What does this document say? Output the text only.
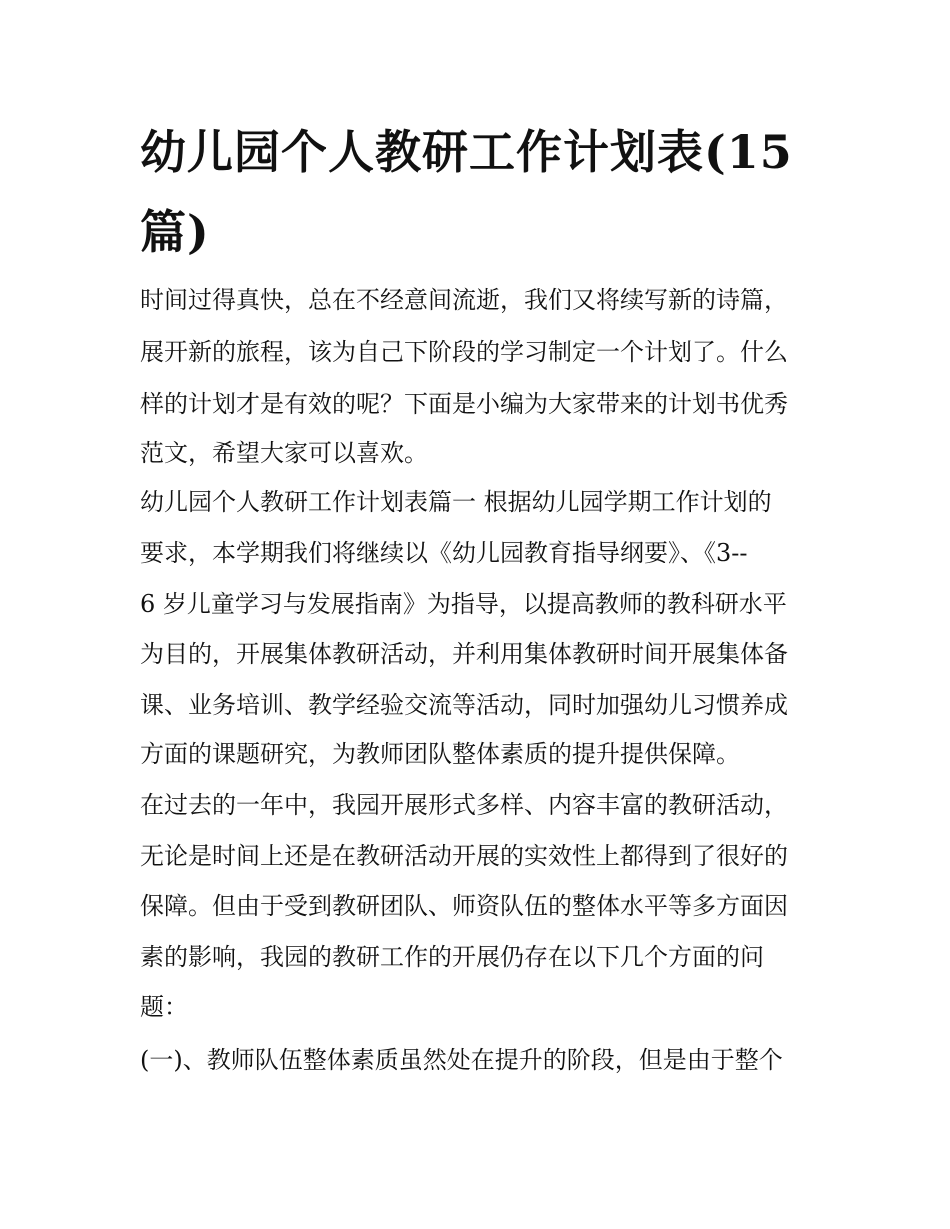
幼儿园个人教研工作计划表(15篇)

时间过得真快，总在不经意间流逝，我们又将续写新的诗篇，

展开新的旅程，该为自己下阶段的学习制定一个计划了。什么

样的计划才是有效的呢？下面是小编为大家带来的计划书优秀

范文，希望大家可以喜欢。

幼儿园个人教研工作计划表篇一 根据幼儿园学期工作计划的

要求，本学期我们将继续以《幼儿园教育指导纲要》、《3--

6 岁儿童学习与发展指南》为指导，以提高教师的教科研水平

为目的，开展集体教研活动，并利用集体教研时间开展集体备

课、业务培训、教学经验交流等活动，同时加强幼儿习惯养成

方面的课题研究，为教师团队整体素质的提升提供保障。

在过去的一年中，我园开展形式多样、内容丰富的教研活动，

无论是时间上还是在教研活动开展的实效性上都得到了很好的

保障。但由于受到教研团队、师资队伍的整体水平等多方面因

素的影响，我园的教研工作的开展仍存在以下几个方面的问

题：

(一)、教师队伍整体素质虽然处在提升的阶段，但是由于整个
